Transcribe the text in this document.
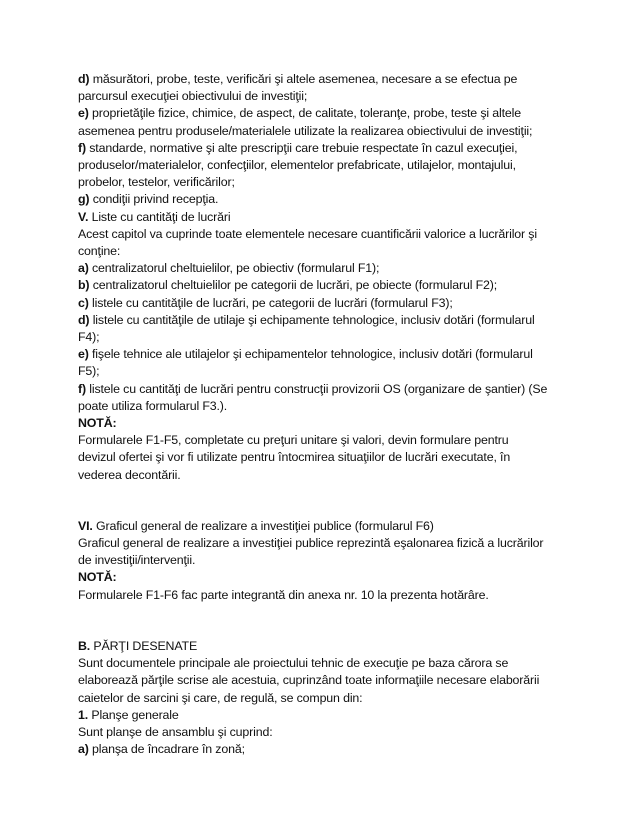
d) măsurători, probe, teste, verificări şi altele asemenea, necesare a se efectua pe
parcursul execuţiei obiectivului de investiţii;
e) proprietăţile fizice, chimice, de aspect, de calitate, toleranţe, probe, teste şi altele
asemenea pentru produsele/materialele utilizate la realizarea obiectivului de investiţii;
f) standarde, normative şi alte prescripţii care trebuie respectate în cazul execuţiei,
produselor/materialelor, confecţiilor, elementelor prefabricate, utilajelor, montajului,
probelor, testelor, verificărilor;
g) condiţii privind recepţia.
V. Liste cu cantităţi de lucrări
Acest capitol va cuprinde toate elementele necesare cuantificării valorice a lucrărilor şi
conţine:
a) centralizatorul cheltuielilor, pe obiectiv (formularul F1);
b) centralizatorul cheltuielilor pe categorii de lucrări, pe obiecte (formularul F2);
c) listele cu cantităţile de lucrări, pe categorii de lucrări (formularul F3);
d) listele cu cantităţile de utilaje şi echipamente tehnologice, inclusiv dotări (formularul
F4);
e) fişele tehnice ale utilajelor şi echipamentelor tehnologice, inclusiv dotări (formularul
F5);
f) listele cu cantităţi de lucrări pentru construcţii provizorii OS (organizare de şantier) (Se
poate utiliza formularul F3.).
NOTĂ:
Formularele F1-F5, completate cu preţuri unitare şi valori, devin formulare pentru
devizul ofertei şi vor fi utilizate pentru întocmirea situaţiilor de lucrări executate, în
vederea decontării.
VI. Graficul general de realizare a investiţiei publice (formularul F6)
Graficul general de realizare a investiţiei publice reprezintă eşalonarea fizică a lucrărilor
de investiţii/intervenţii.
NOTĂ:
Formularele F1-F6 fac parte integrantă din anexa nr. 10 la prezenta hotărâre.
B. PĂRŢI DESENATE
Sunt documentele principale ale proiectului tehnic de execuţie pe baza cărora se
elaborează părţile scrise ale acestuia, cuprinzând toate informaţiile necesare elaborării
caietelor de sarcini şi care, de regulă, se compun din:
1. Planşe generale
Sunt planşe de ansamblu şi cuprind:
a) planşa de încadrare în zonă;
